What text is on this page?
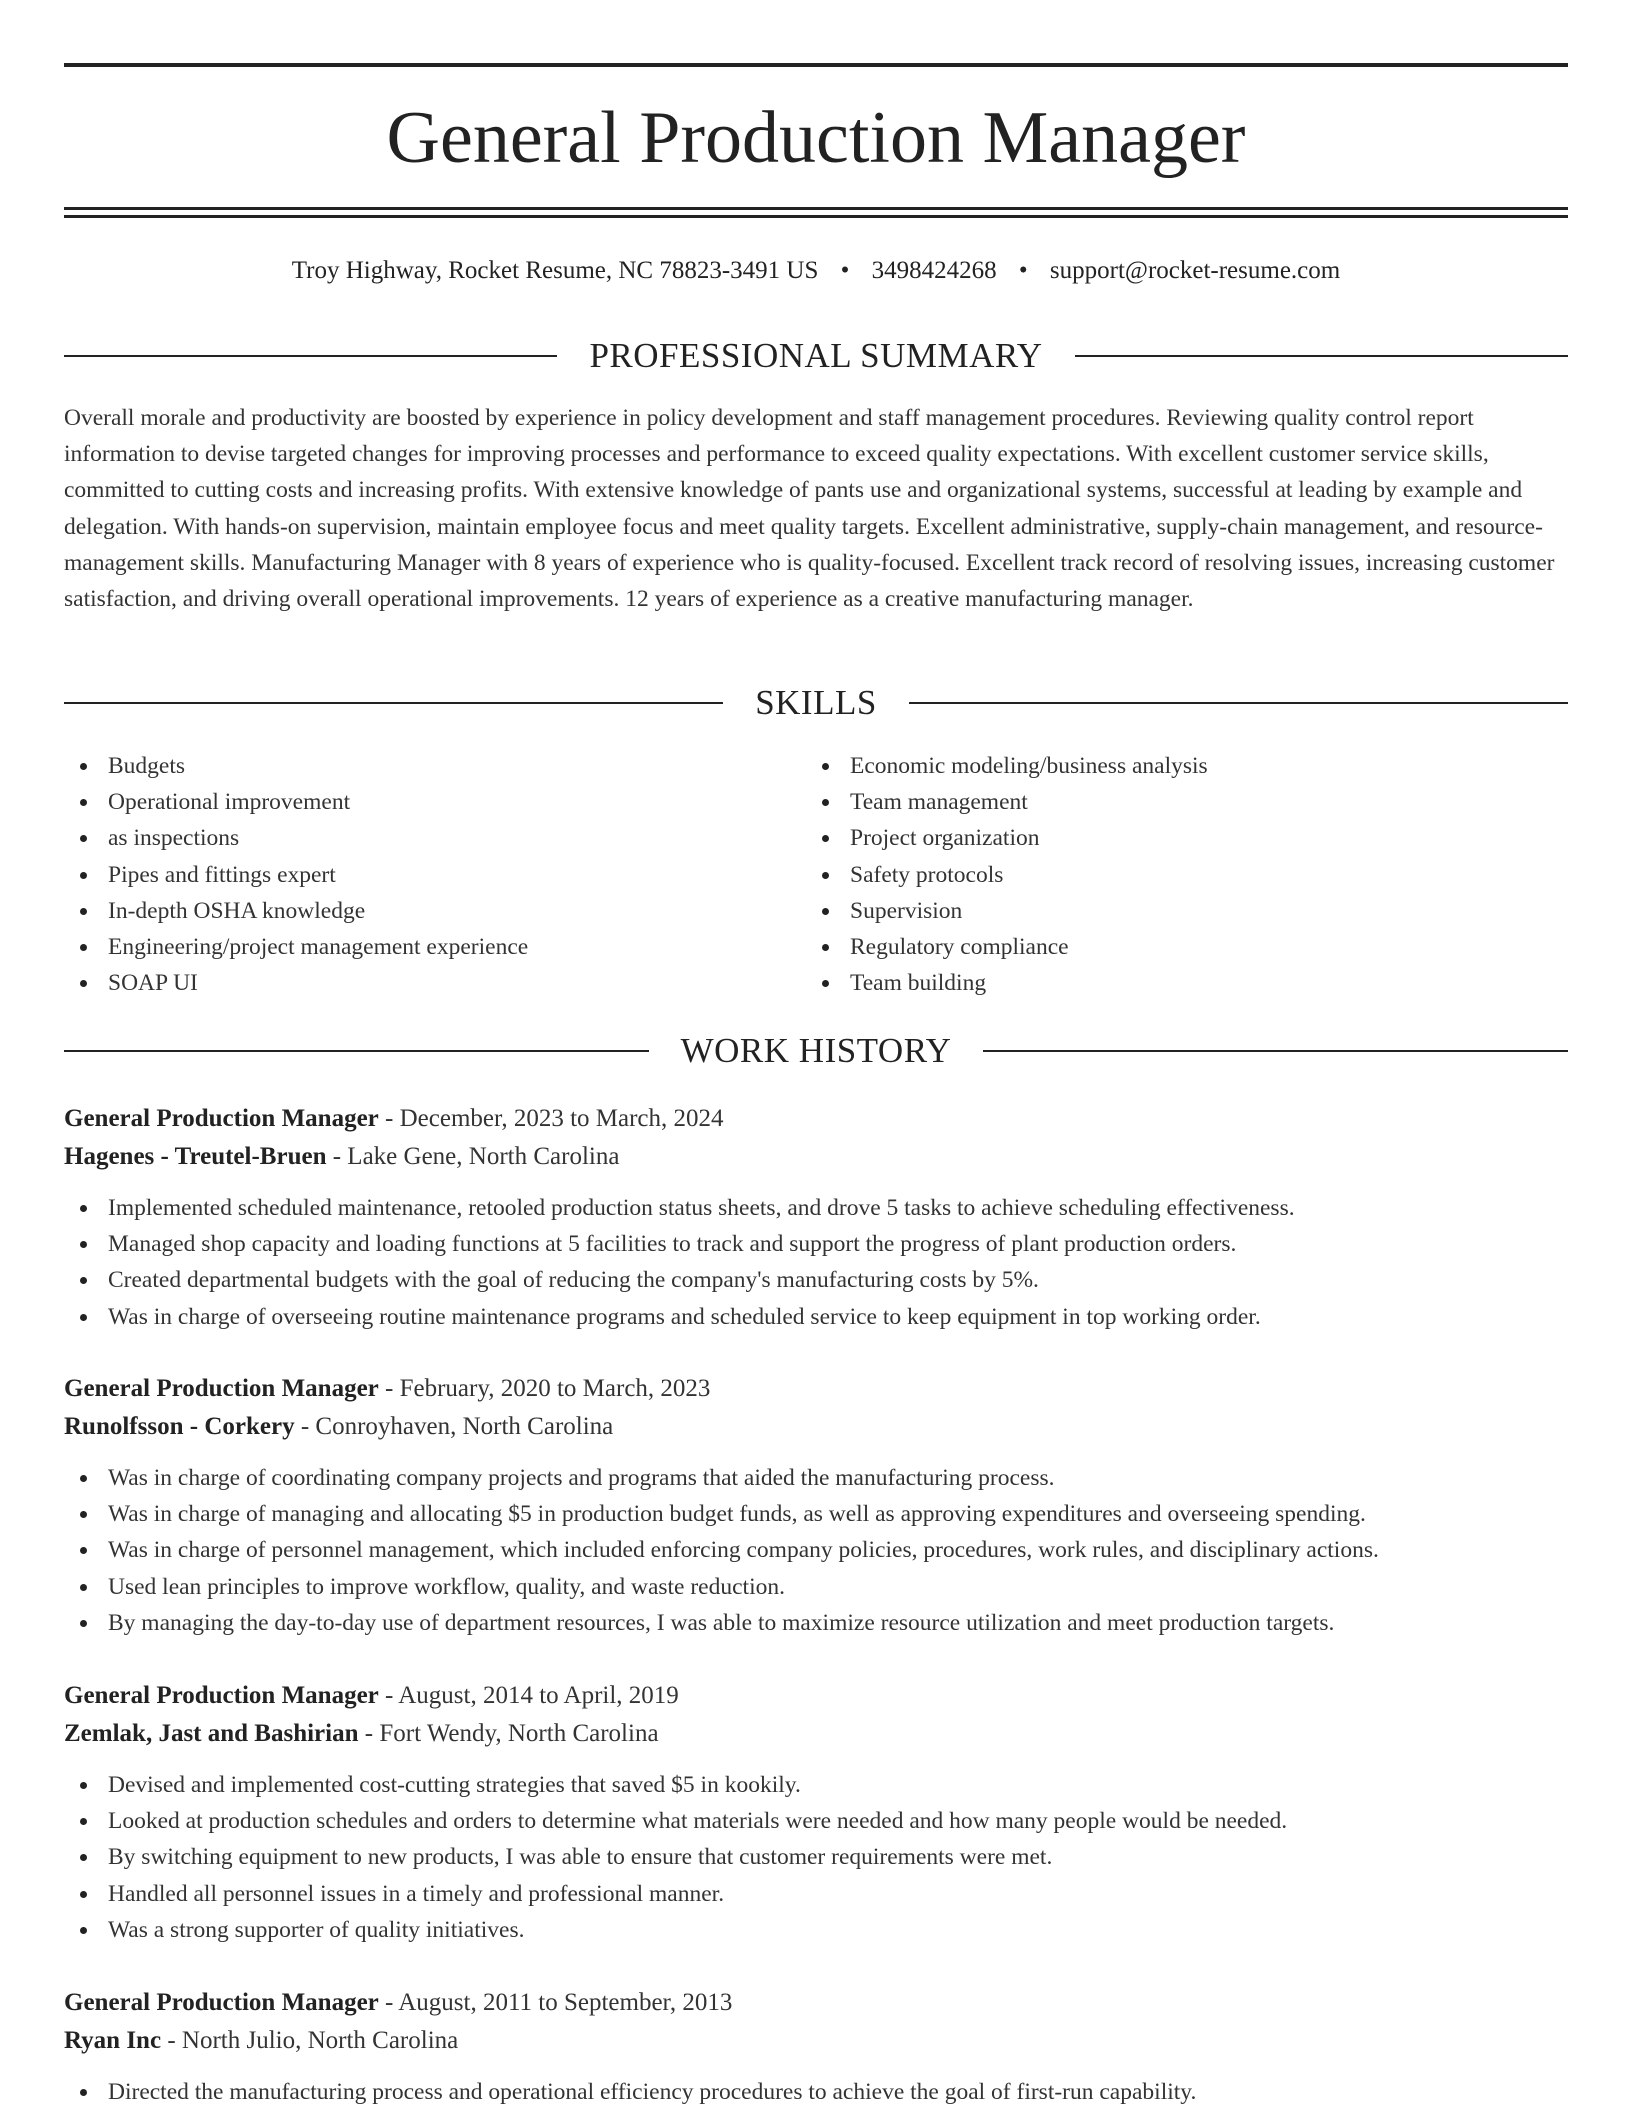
General Production Manager
Troy Highway, Rocket Resume, NC 78823-3491 US • 3498424268 • support@rocket-resume.com
PROFESSIONAL SUMMARY

Overall morale and productivity are boosted by experience in policy development and staff management procedures. Reviewing quality control report information to devise targeted changes for improving processes and performance to exceed quality expectations. With excellent customer service skills, committed to cutting costs and increasing profits. With extensive knowledge of pants use and organizational systems, successful at leading by example and delegation. With hands-on supervision, maintain employee focus and meet quality targets. Excellent administrative, supply-chain management, and resource-management skills. Manufacturing Manager with 8 years of experience who is quality-focused. Excellent track record of resolving issues, increasing customer satisfaction, and driving overall operational improvements. 12 years of experience as a creative manufacturing manager.

SKILLS
Budgets
Operational improvement
as inspections
Pipes and fittings expert
In-depth OSHA knowledge
Engineering/project management experience
SOAP UI
Economic modeling/business analysis
Team management
Project organization
Safety protocols
Supervision
Regulatory compliance
Team building
WORK HISTORY
General Production Manager - December, 2023 to March, 2024
Hagenes - Treutel-Bruen - Lake Gene, North Carolina
Implemented scheduled maintenance, retooled production status sheets, and drove 5 tasks to achieve scheduling effectiveness.
Managed shop capacity and loading functions at 5 facilities to track and support the progress of plant production orders.
Created departmental budgets with the goal of reducing the company's manufacturing costs by 5%.
Was in charge of overseeing routine maintenance programs and scheduled service to keep equipment in top working order.
General Production Manager - February, 2020 to March, 2023
Runolfsson - Corkery - Conroyhaven, North Carolina
Was in charge of coordinating company projects and programs that aided the manufacturing process.
Was in charge of managing and allocating $5 in production budget funds, as well as approving expenditures and overseeing spending.
Was in charge of personnel management, which included enforcing company policies, procedures, work rules, and disciplinary actions.
Used lean principles to improve workflow, quality, and waste reduction.
By managing the day-to-day use of department resources, I was able to maximize resource utilization and meet production targets.
General Production Manager - August, 2014 to April, 2019
Zemlak, Jast and Bashirian - Fort Wendy, North Carolina
Devised and implemented cost-cutting strategies that saved $5 in kookily.
Looked at production schedules and orders to determine what materials were needed and how many people would be needed.
By switching equipment to new products, I was able to ensure that customer requirements were met.
Handled all personnel issues in a timely and professional manner.
Was a strong supporter of quality initiatives.
General Production Manager - August, 2011 to September, 2013
Ryan Inc - North Julio, North Carolina
Directed the manufacturing process and operational efficiency procedures to achieve the goal of first-run capability.
